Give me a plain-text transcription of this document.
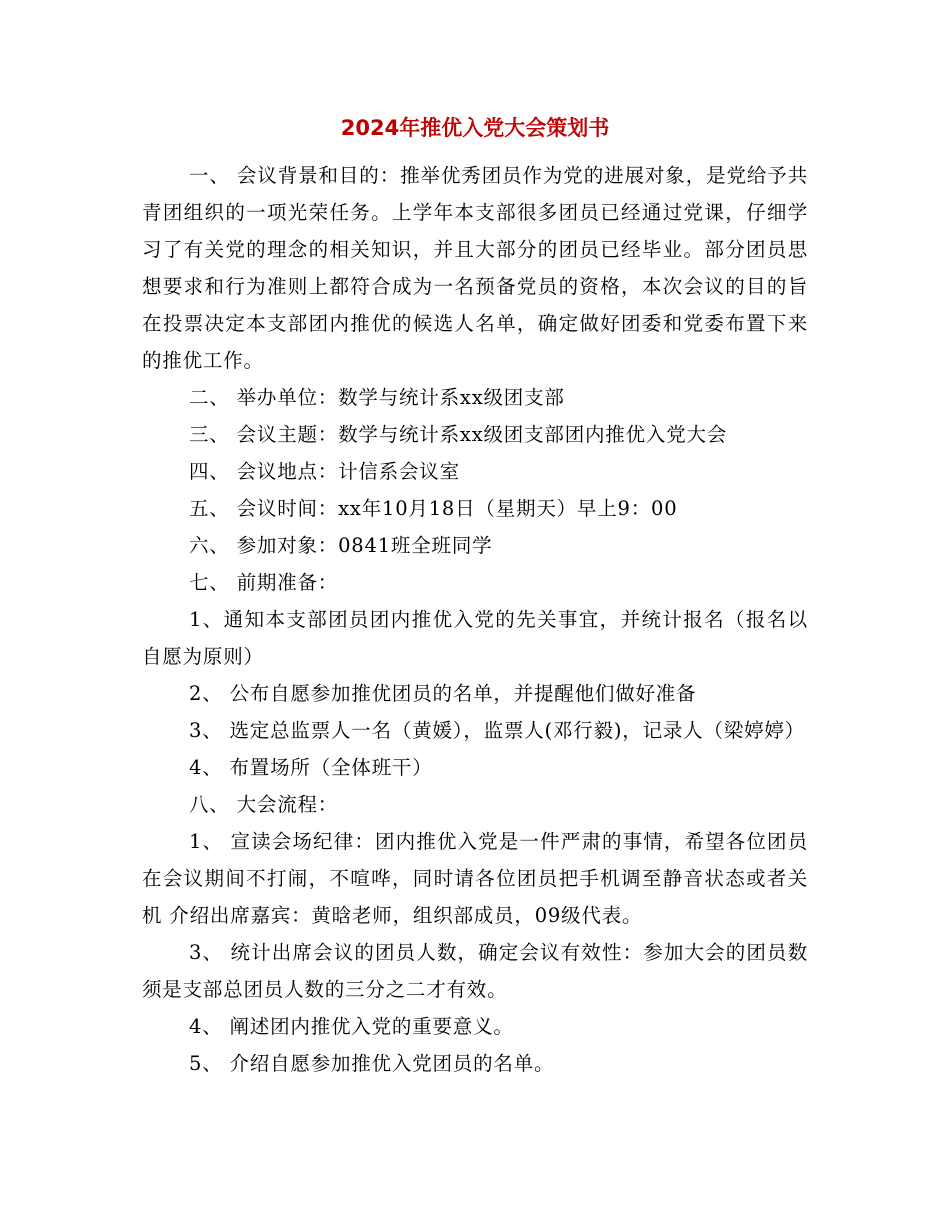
2024年推优入党大会策划书

一、 会议背景和目的：推举优秀团员作为党的进展对象，是党给予共青团组织的一项光荣任务。上学年本支部很多团员已经通过党课，仔细学习了有关党的理念的相关知识，并且大部分的团员已经毕业。部分团员思想要求和行为准则上都符合成为一名预备党员的资格，本次会议的目的旨在投票决定本支部团内推优的候选人名单，确定做好团委和党委布置下来的推优工作。

二、 举办单位：数学与统计系xx级团支部

三、 会议主题：数学与统计系xx级团支部团内推优入党大会

四、 会议地点：计信系会议室

五、 会议时间：xx年10月18日（星期天）早上9：00

六、 参加对象：0841班全班同学

七、 前期准备：

1、通知本支部团员团内推优入党的先关事宜，并统计报名（报名以自愿为原则）

2、 公布自愿参加推优团员的名单，并提醒他们做好准备

3、 选定总监票人一名（黄媛），监票人(邓行毅)，记录人（梁婷婷）

4、 布置场所（全体班干）

八、 大会流程：

1、 宣读会场纪律：团内推优入党是一件严肃的事情，希望各位团员在会议期间不打闹，不喧哗，同时请各位团员把手机调至静音状态或者关机 介绍出席嘉宾：黄晗老师，组织部成员，09级代表。

3、 统计出席会议的团员人数，确定会议有效性：参加大会的团员数须是支部总团员人数的三分之二才有效。

4、 阐述团内推优入党的重要意义。

5、 介绍自愿参加推优入党团员的名单。
